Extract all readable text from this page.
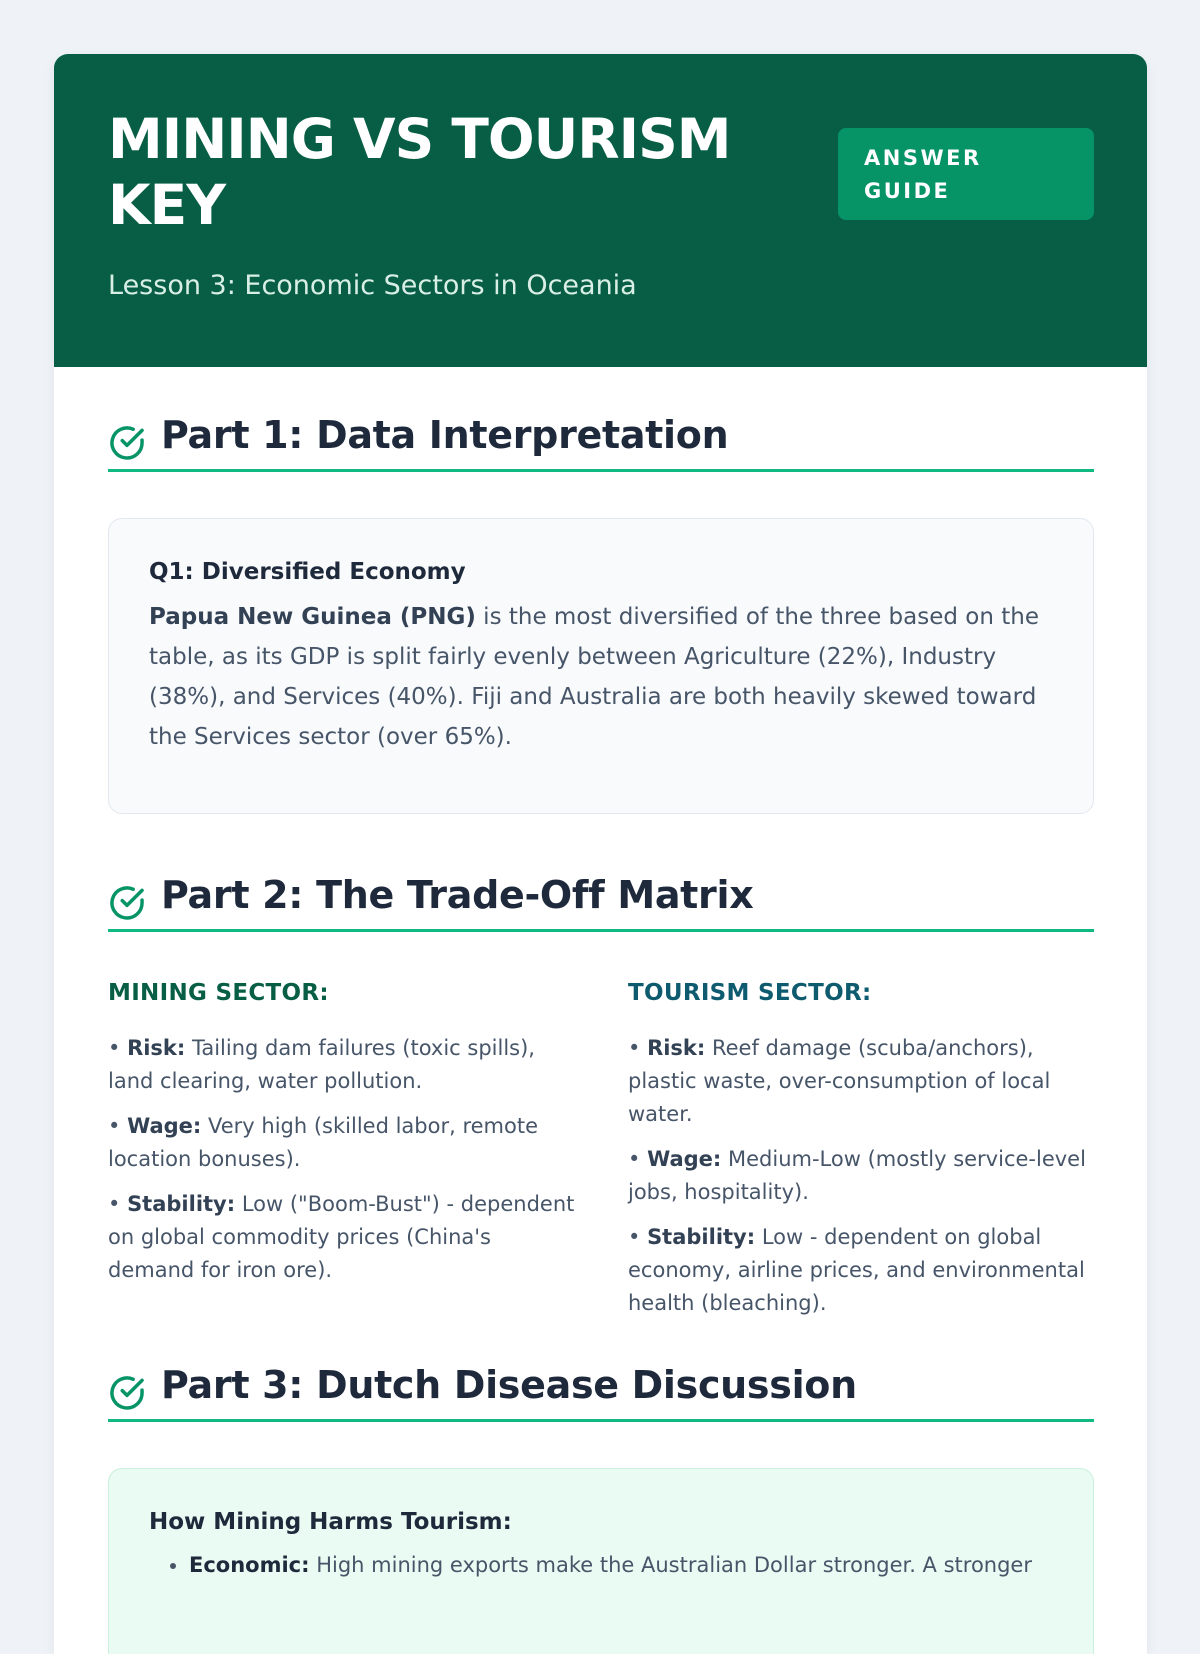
MINING VS TOURISM KEY

Lesson 3: Economic Sectors in Oceania

ANSWER GUIDE
Part 1: Data Interpretation

Q1: Diversified Economy

Papua New Guinea (PNG) is the most diversified of the three based on the table, as its GDP is split fairly evenly between Agriculture (22%), Industry (38%), and Services (40%). Fiji and Australia are both heavily skewed toward the Services sector (over 65%).

Part 2: The Trade-Off Matrix

MINING SECTOR:

• Risk: Tailing dam failures (toxic spills), land clearing, water pollution.

• Wage: Very high (skilled labor, remote location bonuses).

• Stability: Low ("Boom-Bust") - dependent on global commodity prices (China's demand for iron ore).

TOURISM SECTOR:

• Risk: Reef damage (scuba/anchors), plastic waste, over-consumption of local water.

• Wage: Medium-Low (mostly service-level jobs, hospitality).

• Stability: Low - dependent on global economy, airline prices, and environmental health (bleaching).

Part 3: Dutch Disease Discussion

How Mining Harms Tourism:

• Economic: High mining exports make the Australian Dollar stronger. A stronger
